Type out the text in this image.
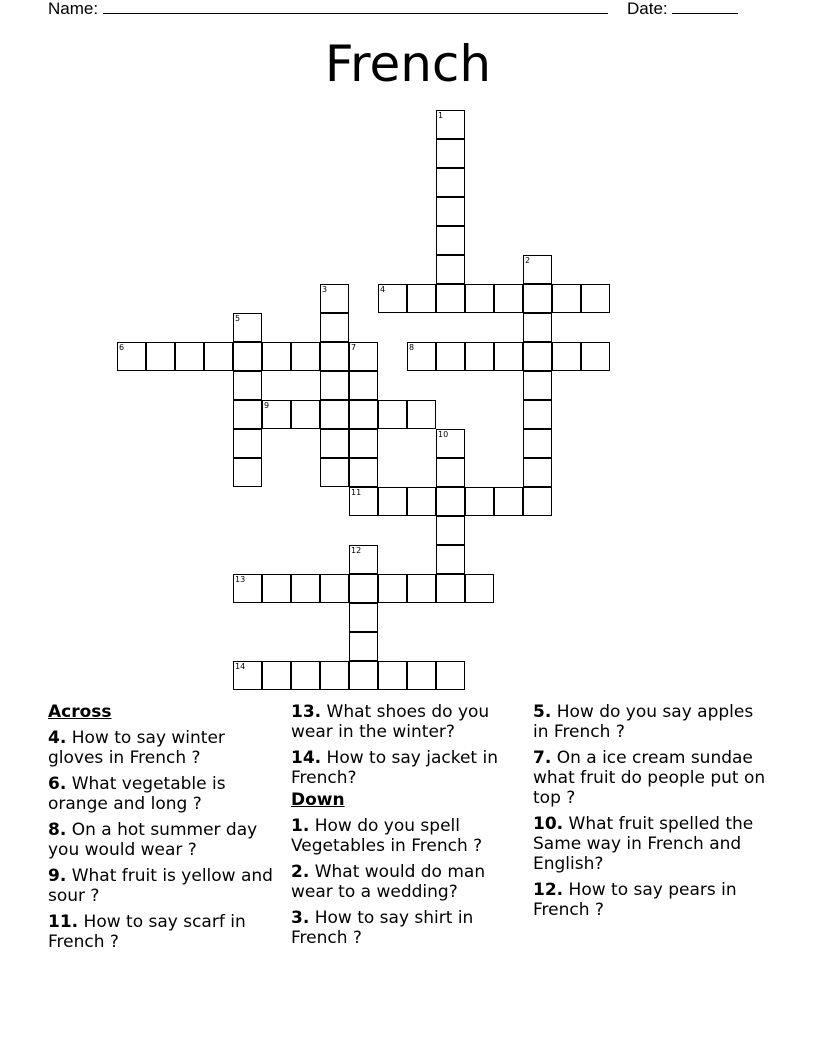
Name:	Date:
French
1
2
3	4
5
6	7
11
8
9
10
12
13
14
Across
4. How to say winter gloves in French ?
6. What vegetable is orange and long ?
8. On a hot summer day you would wear ?
9. What fruit is yellow and sour ?
11. How to say scarf in French ?
13. What shoes do you wear in the winter?
14. How to say jacket in French?
Down
1. How do you spell Vegetables in French ?
2. What would do man wear to a wedding?
3. How to say shirt in French ?
5. How do you say apples in French ?
7. On a ice cream sundae what fruit do people put on top ?
10. What fruit spelled the Same way in French and English?
12. How to say pears in French ?
